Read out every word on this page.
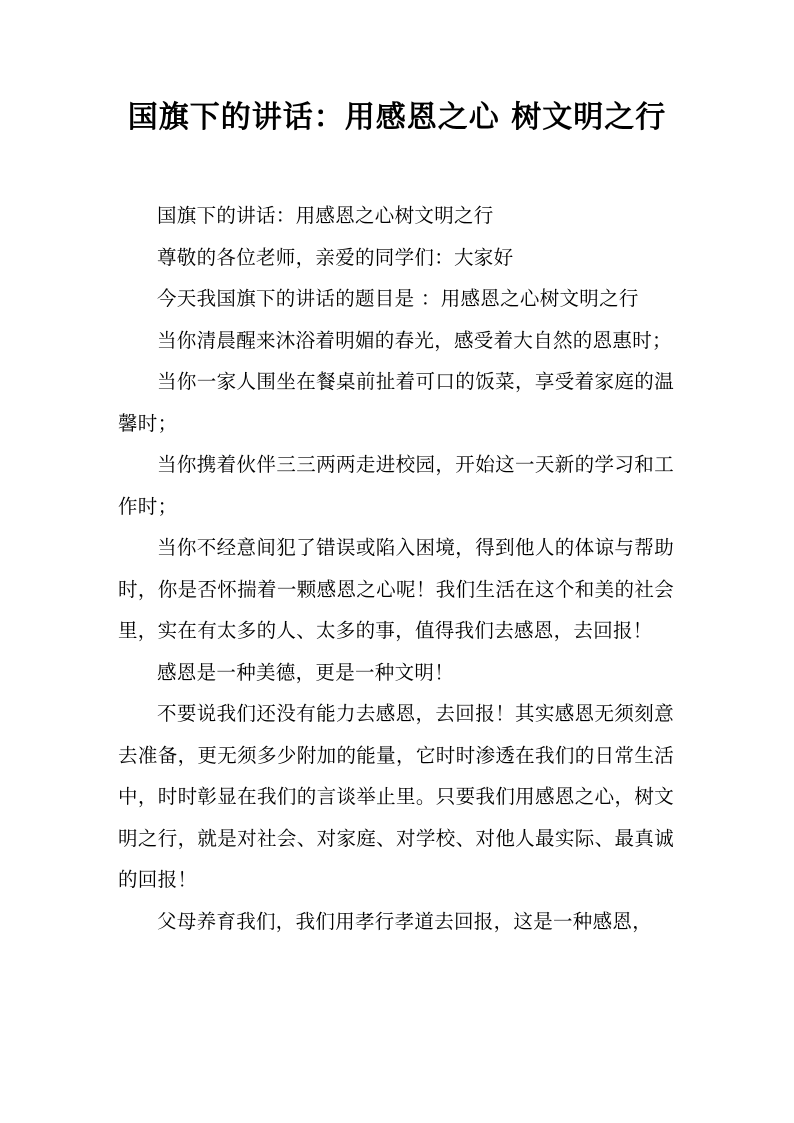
国旗下的讲话：用感恩之心 树文明之行

国旗下的讲话：用感恩之心树文明之行

尊敬的各位老师，亲爱的同学们：大家好

今天我国旗下的讲话的题目是 ：用感恩之心树文明之行

当你清晨醒来沐浴着明媚的春光，感受着大自然的恩惠时；

当你一家人围坐在餐桌前扯着可口的饭菜，享受着家庭的温馨时；

当你携着伙伴三三两两走进校园，开始这一天新的学习和工作时；

当你不经意间犯了错误或陷入困境，得到他人的体谅与帮助时，你是否怀揣着一颗感恩之心呢！我们生活在这个和美的社会里，实在有太多的人、太多的事，值得我们去感恩，去回报！

感恩是一种美德，更是一种文明！

不要说我们还没有能力去感恩，去回报！其实感恩无须刻意去准备，更无须多少附加的能量，它时时渗透在我们的日常生活中，时时彰显在我们的言谈举止里。只要我们用感恩之心，树文明之行，就是对社会、对家庭、对学校、对他人最实际、最真诚的回报！

父母养育我们，我们用孝行孝道去回报，这是一种感恩，
